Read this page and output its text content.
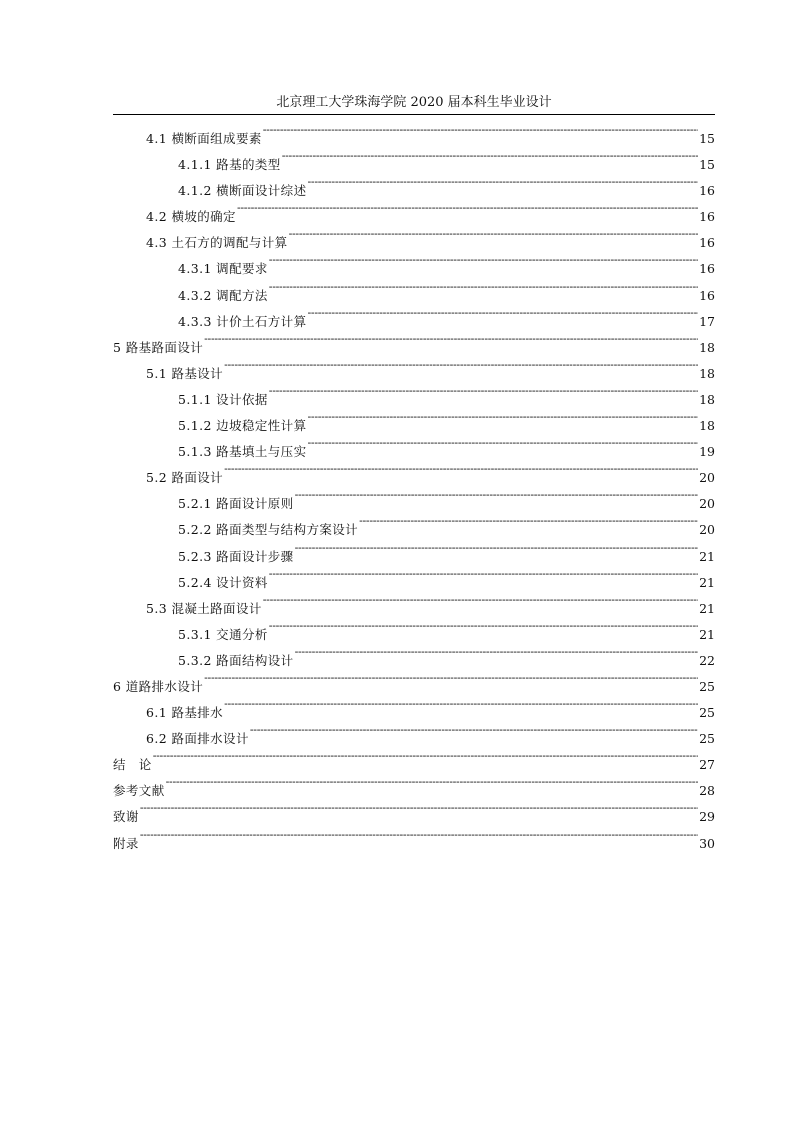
北京理工大学珠海学院 2020 届本科生毕业设计
4.1 横断面组成要素 -----	15
4.1.1 路基的类型 -----	15
4.1.2 横断面设计综述 -----	16
4.2 横坡的确定 -----	16
4.3 土石方的调配与计算 -----	16
4.3.1 调配要求 -----	16
4.3.2 调配方法 -----	16
4.3.3 计价土石方计算 -----	17
5 路基路面设计 -----	18
5.1 路基设计 -----	18
5.1.1 设计依据 -----	18
5.1.2 边坡稳定性计算 -----	18
5.1.3 路基填土与压实 -----	19
5.2 路面设计 -----	20
5.2.1 路面设计原则 -----	20
5.2.2 路面类型与结构方案设计 -----	20
5.2.3 路面设计步骤 -----	21
5.2.4 设计资料 -----	21
5.3 混凝土路面设计 -----	21
5.3.1 交通分析 -----	21
5.3.2 路面结构设计 -----	22
6 道路排水设计 -----	25
6.1 路基排水 -----	25
6.2 路面排水设计 -----	25
结　论 -----	27
参考文献 -----	28
致谢 -----	29
附录 -----	30
